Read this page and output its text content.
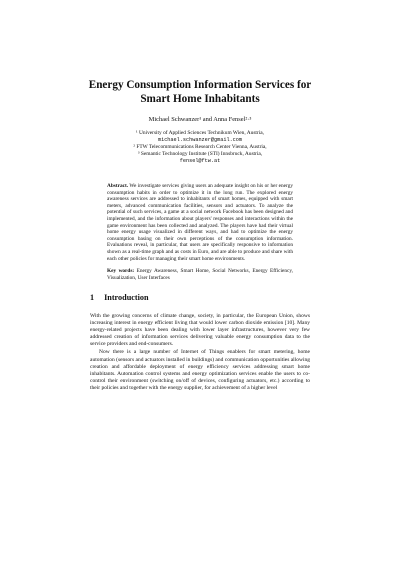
Energy Consumption Information Services for
Smart Home Inhabitants
Michael Schwanzer¹ and Anna Fensel²·³
¹ University of Applied Sciences Technikum Wien, Austria,
michael.schwanzer@gmail.com
² FTW Telecommunications Research Center Vienna, Austria,
³ Semantic Technology Institute (STI) Innsbruck, Austria,
fensel@ftw.at

Abstract. We investigate services giving users an adequate insight on his or her energy consumption habits in order to optimize it in the long run. The explored energy awareness services are addressed to inhabitants of smart homes, equipped with smart meters, advanced communication facilities, sensors and actuators. To analyze the potential of such services, a game at a social network Facebook has been designed and implemented, and the information about players' responses and interactions within the game environment has been collected and analyzed. The players have had their virtual home energy usage visualized in different ways, and had to optimize the energy consumption basing on their own perceptions of the consumption information. Evaluations reveal, in particular, that users are specifically responsive to information shown as a real-time graph and as costs in Euro, and are able to produce and share with each other policies for managing their smart home environments.

Key words: Energy Awareness, Smart Home, Social Networks, Energy Efficiency, Visualization, User Interfaces

1 Introduction

With the growing concerns of climate change, society, in particular, the European Union, shows increasing interest in energy efficient living that would lower carbon dioxide emission [10]. Many energy-related projects have been dealing with lower layer infrastructures, however very few addressed creation of information services delivering valuable energy consumption data to the service providers and end-consumers.

Now there is a large number of Internet of Things enablers for smart metering, home automation (sensors and actuators installed in buildings) and communication opportunities allowing creation and affordable deployment of energy efficiency services addressing smart home inhabitants. Automation control systems and energy optimization services enable the users to co-control their environment (switching on/off of devices, configuring actuators, etc.) according to their policies and together with the energy supplier, for achievement of a higher level
